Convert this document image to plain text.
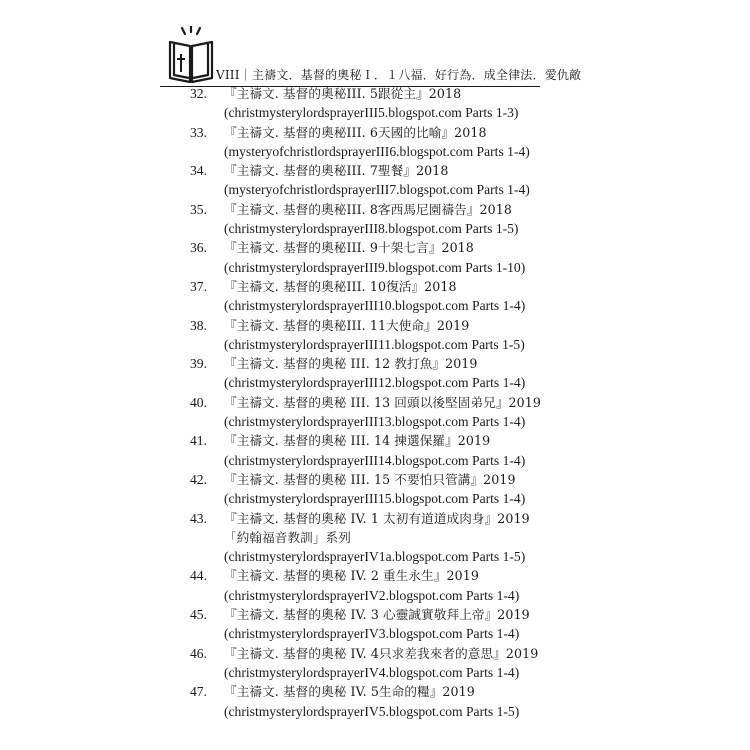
VIII｜主禱文．基督的奧秘Ｉ．１八福．好行為．成全律法．愛仇敵
32. 『主禱文. 基督的奧秘III. 5跟從主』2018
(christmysterylordsprayerIII5.blogspot.com Parts 1-3)
33. 『主禱文. 基督的奧秘III. 6天國的比喻』2018
(mysteryofchristlordsprayerIII6.blogspot.com Parts 1-4)
34. 『主禱文. 基督的奧秘III. 7聖餐』2018
(mysteryofchristlordsprayerIII7.blogspot.com Parts 1-4)
35. 『主禱文. 基督的奧秘III. 8客西馬尼園禱告』2018
(christmysterylordsprayerIII8.blogspot.com Parts 1-5)
36. 『主禱文. 基督的奧秘III. 9十架七言』2018
(christmysterylordsprayerIII9.blogspot.com Parts 1-10)
37. 『主禱文. 基督的奧秘III. 10復活』2018
(christmysterylordsprayerIII10.blogspot.com Parts 1-4)
38. 『主禱文. 基督的奧秘III. 11大使命』2019
(christmysterylordsprayerIII11.blogspot.com Parts 1-5)
39. 『主禱文. 基督的奧秘 III. 12 教打魚』2019
(christmysterylordsprayerIII12.blogspot.com Parts 1-4)
40. 『主禱文. 基督的奧秘 III. 13 回頭以後堅固弟兄』2019
(christmysterylordsprayerIII13.blogspot.com Parts 1-4)
41. 『主禱文. 基督的奧秘 III. 14 揀選保羅』2019
(christmysterylordsprayerIII14.blogspot.com Parts 1-4)
42. 『主禱文. 基督的奧秘 III. 15 不要怕只管講』2019
(christmysterylordsprayerIII15.blogspot.com Parts 1-4)
43. 『主禱文. 基督的奧秘 IV. 1 太初有道道成肉身』2019
「約翰福音教訓」系列
(christmysterylordsprayerIV1a.blogspot.com Parts 1-5)
44. 『主禱文. 基督的奧秘 IV. 2 重生永生』2019
(christmysterylordsprayerIV2.blogspot.com Parts 1-4)
45. 『主禱文. 基督的奧秘 IV. 3 心靈誠實敬拜上帝』2019
(christmysterylordsprayerIV3.blogspot.com Parts 1-4)
46. 『主禱文. 基督的奧秘 IV. 4只求差我來者的意思』2019
(christmysterylordsprayerIV4.blogspot.com Parts 1-4)
47. 『主禱文. 基督的奧秘 IV. 5生命的糧』2019
(christmysterylordsprayerIV5.blogspot.com Parts 1-5)
